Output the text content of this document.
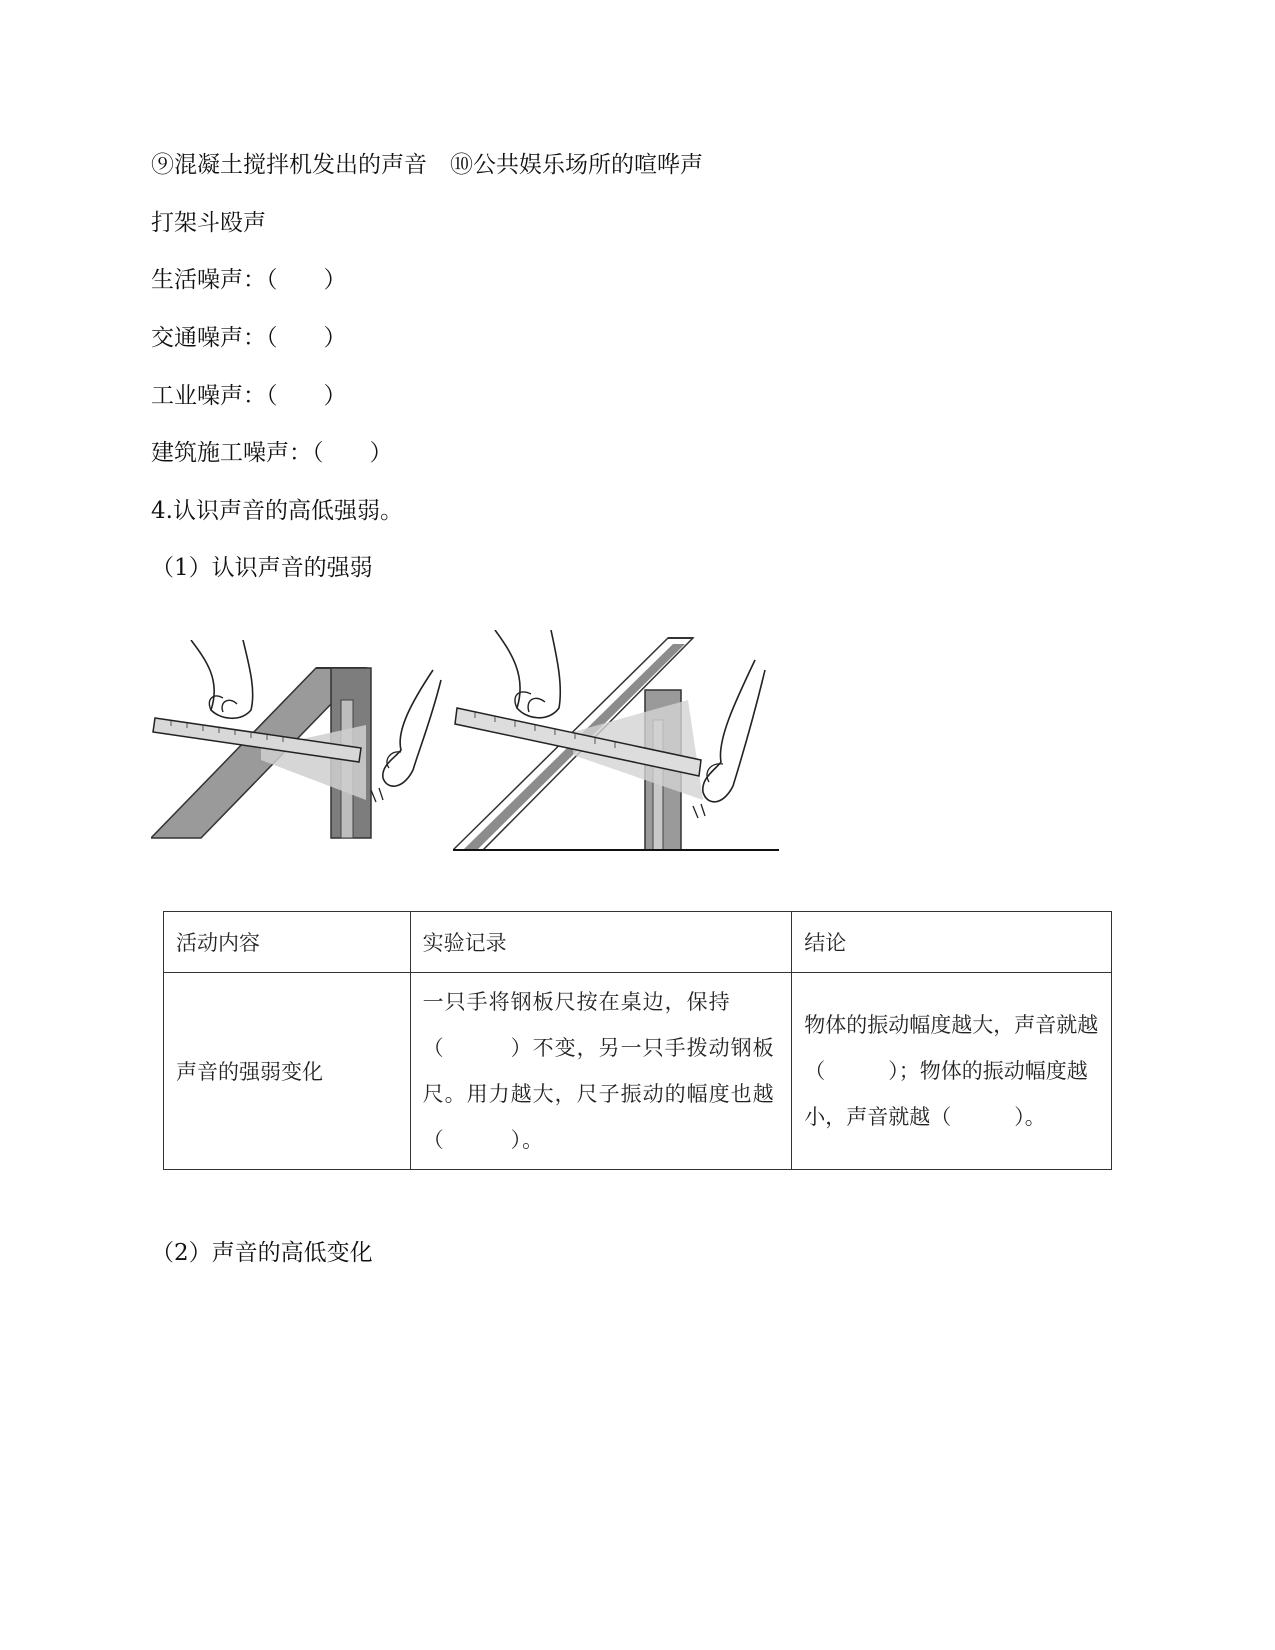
⑨混凝土搅拌机发出的声音　⑩公共娱乐场所的喧哗声
打架斗殴声
生活噪声：（　　）
交通噪声：（　　）
工业噪声：（　　）
建筑施工噪声：（　　）
4.认识声音的高低强弱。
（1）认识声音的强弱
活动内容	实验记录	结论
声音的强弱变化	一只手将钢板尺按在桌边，保持（　　　）不变，另一只手拨动钢板尺。用力越大，尺子振动的幅度也越（　　　）。	物体的振动幅度越大，声音就越（　　　）；物体的振动幅度越小，声音就越（　　　）。
（2）声音的高低变化
